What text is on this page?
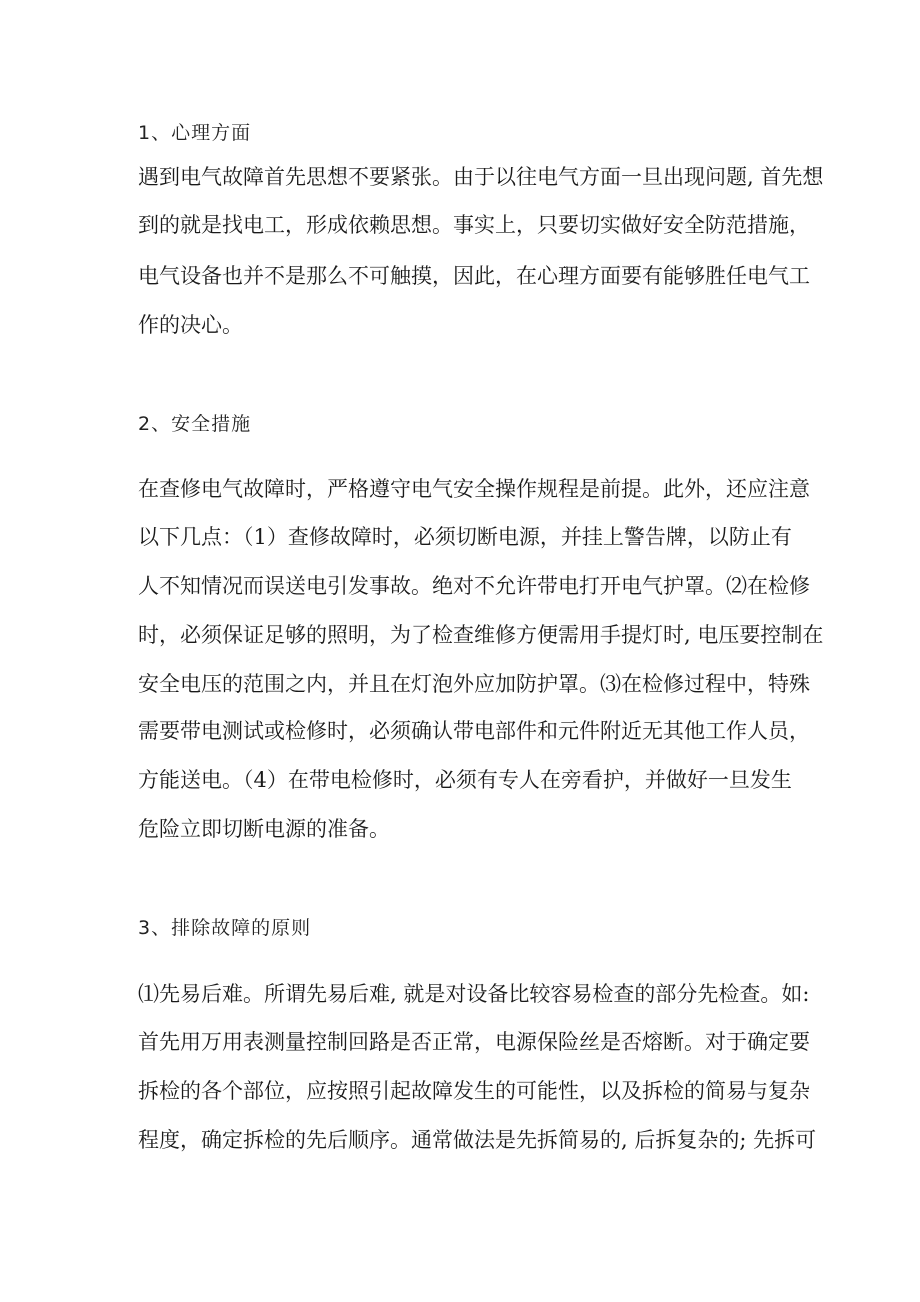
1、心理方面
遇到电气故障首先思想不要紧张。由于以往电气方面一旦出现问题, 首先想
到的就是找电工，形成依赖思想。事实上，只要切实做好安全防范措施，
电气设备也并不是那么不可触摸，因此，在心理方面要有能够胜任电气工
作的决心。
2、安全措施
在查修电气故障时，严格遵守电气安全操作规程是前提。此外，还应注意
以下几点：（1）查修故障时，必须切断电源，并挂上警告牌，以防止有
人不知情况而误送电引发事故。绝对不允许带电打开电气护罩。⑵在检修
时，必须保证足够的照明，为了检查维修方便需用手提灯时, 电压要控制在
安全电压的范围之内，并且在灯泡外应加防护罩。⑶在检修过程中，特殊
需要带电测试或检修时，必须确认带电部件和元件附近无其他工作人员，
方能送电。（4）在带电检修时，必须有专人在旁看护，并做好一旦发生
危险立即切断电源的准备。
3、排除故障的原则
⑴先易后难。所谓先易后难, 就是对设备比较容易检查的部分先检查。如:
首先用万用表测量控制回路是否正常，电源保险丝是否熔断。对于确定要
拆检的各个部位，应按照引起故障发生的可能性，以及拆检的简易与复杂
程度，确定拆检的先后顺序。通常做法是先拆简易的, 后拆复杂的; 先拆可
